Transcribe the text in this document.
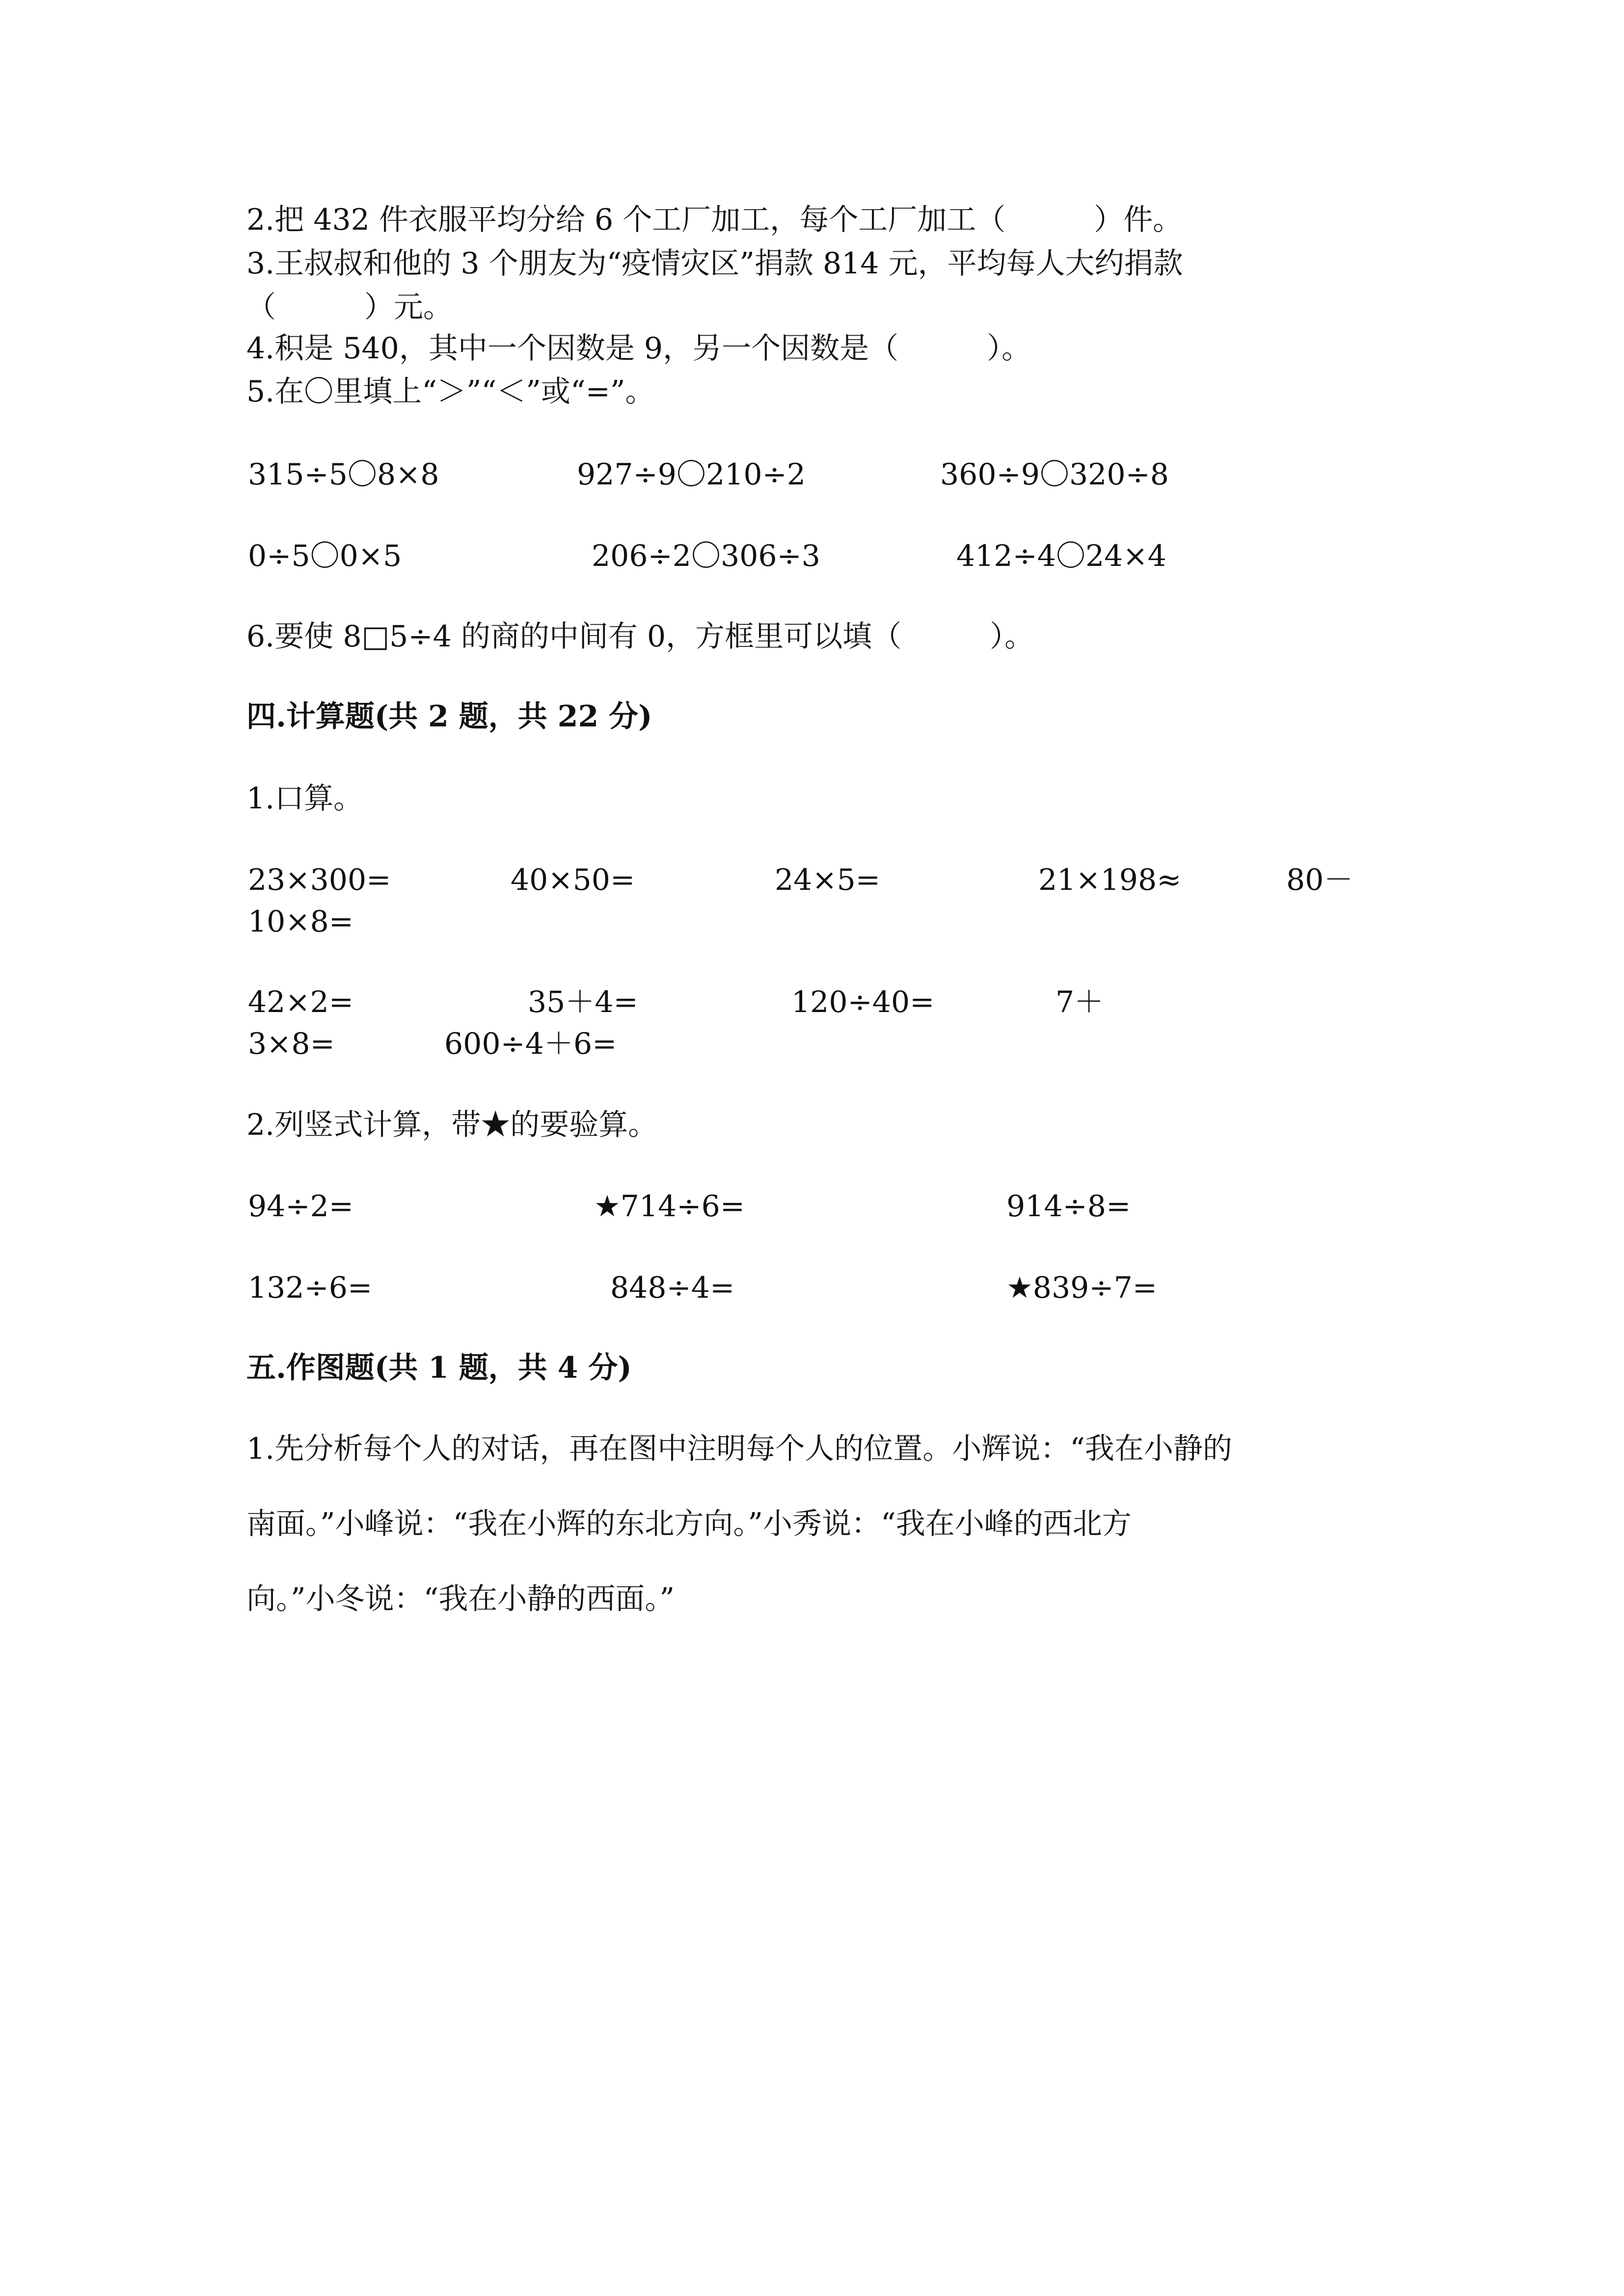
2.把 432 件衣服平均分给 6 个工厂加工，每个工厂加工（　　　）件。
3.王叔叔和他的 3 个朋友为“疫情灾区”捐款 814 元，平均每人大约捐款
（　　　）元。
4.积是 540，其中一个因数是 9，另一个因数是（　　　）。
5.在〇里填上“＞”“＜”或“=”。
315÷5〇8×8	927÷9〇210÷2	360÷9〇320÷8
0÷5〇0×5	206÷2〇306÷3	412÷4〇24×4
6.要使 8□5÷4 的商的中间有 0，方框里可以填（　　　）。
四.计算题(共 2 题，共 22 分)
1.口算。
23×300=	40×50=	24×5=	21×198≈	80－
10×8=
42×2=	35＋4=	120÷40=	7＋
3×8=	600÷4＋6=
2.列竖式计算，带★的要验算。
94÷2=	★714÷6=	914÷8=
132÷6=	848÷4=	★839÷7=
五.作图题(共 1 题，共 4 分)
1.先分析每个人的对话，再在图中注明每个人的位置。小辉说：“我在小静的
南面。”小峰说：“我在小辉的东北方向。”小秀说：“我在小峰的西北方
向。”小冬说：“我在小静的西面。”
